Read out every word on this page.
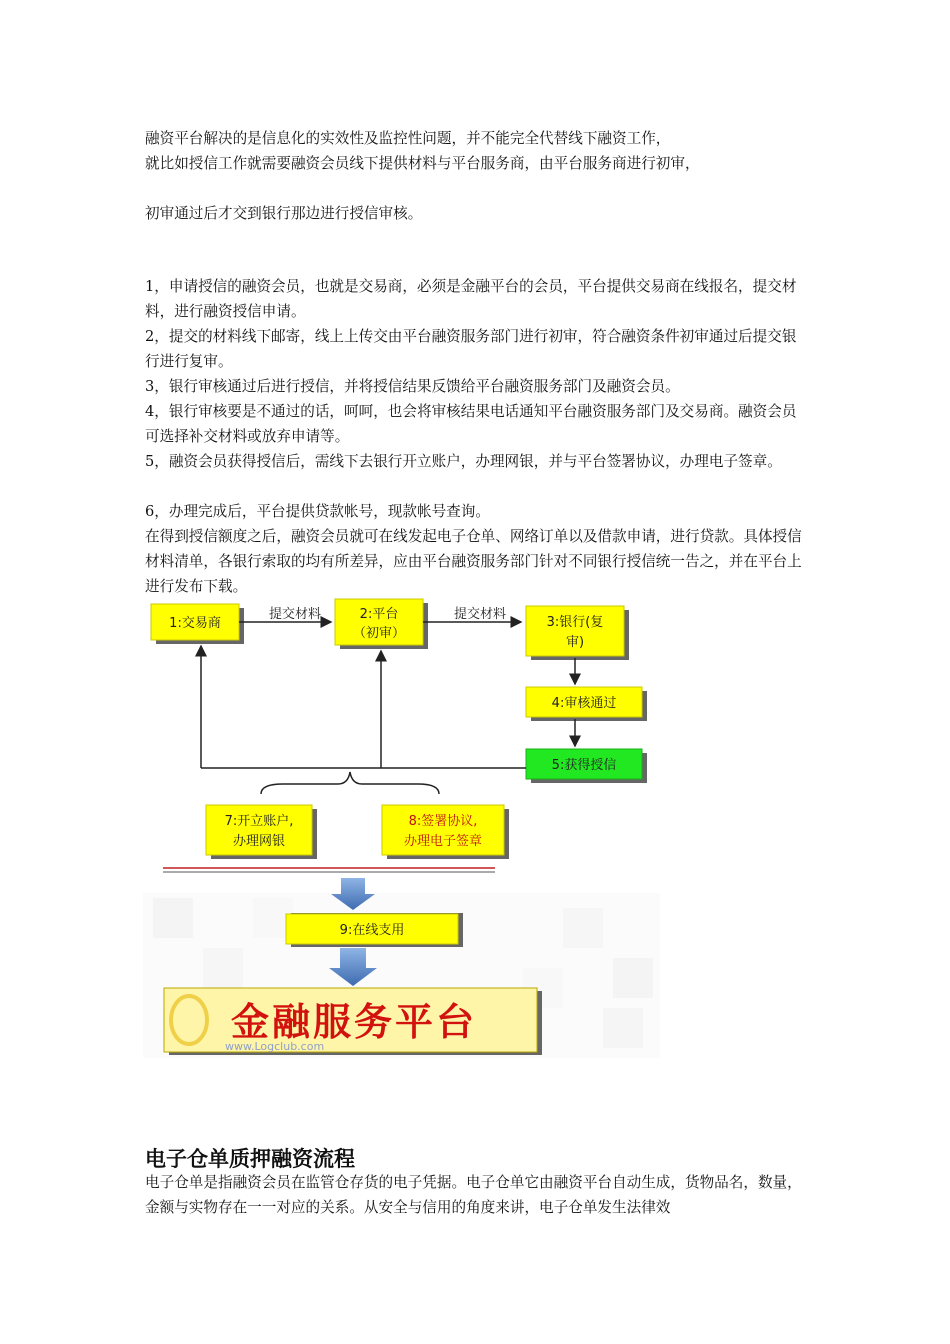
融资平台解决的是信息化的实效性及监控性问题，并不能完全代替线下融资工作，

就比如授信工作就需要融资会员线下提供材料与平台服务商，由平台服务商进行初审，

初审通过后才交到银行那边进行授信审核。

1，申请授信的融资会员，也就是交易商，必须是金融平台的会员，平台提供交易商在线报名，提交材料，进行融资授信申请。

2，提交的材料线下邮寄，线上上传交由平台融资服务部门进行初审，符合融资条件初审通过后提交银行进行复审。

3，银行审核通过后进行授信，并将授信结果反馈给平台融资服务部门及融资会员。

4，银行审核要是不通过的话，呵呵，也会将审核结果电话通知平台融资服务部门及交易商。融资会员可选择补交材料或放弃申请等。

5，融资会员获得授信后，需线下去银行开立账户，办理网银，并与平台签署协议，办理电子签章。

6，办理完成后，平台提供贷款帐号，现款帐号查询。

在得到授信额度之后，融资会员就可在线发起电子仓单、网络订单以及借款申请，进行贷款。具体授信材料清单，各银行索取的均有所差异，应由平台融资服务部门针对不同银行授信统一告之，并在平台上进行发布下载。

1:交易商
提交材料	2:平台
（初审）
提交材料
3:银行(复
审)
4:审核通过
5:获得授信
7:开立账户,
办理网银
8:签署协议,
办理电子签章
9:在线支用
金融服务平台
www.Logclub.com
电子仓单质押融资流程

电子仓单是指融资会员在监管仓存货的电子凭据。电子仓单它由融资平台自动生成，货物品名，数量，金额与实物存在一一对应的关系。从安全与信用的角度来讲，电子仓单发生法律效
